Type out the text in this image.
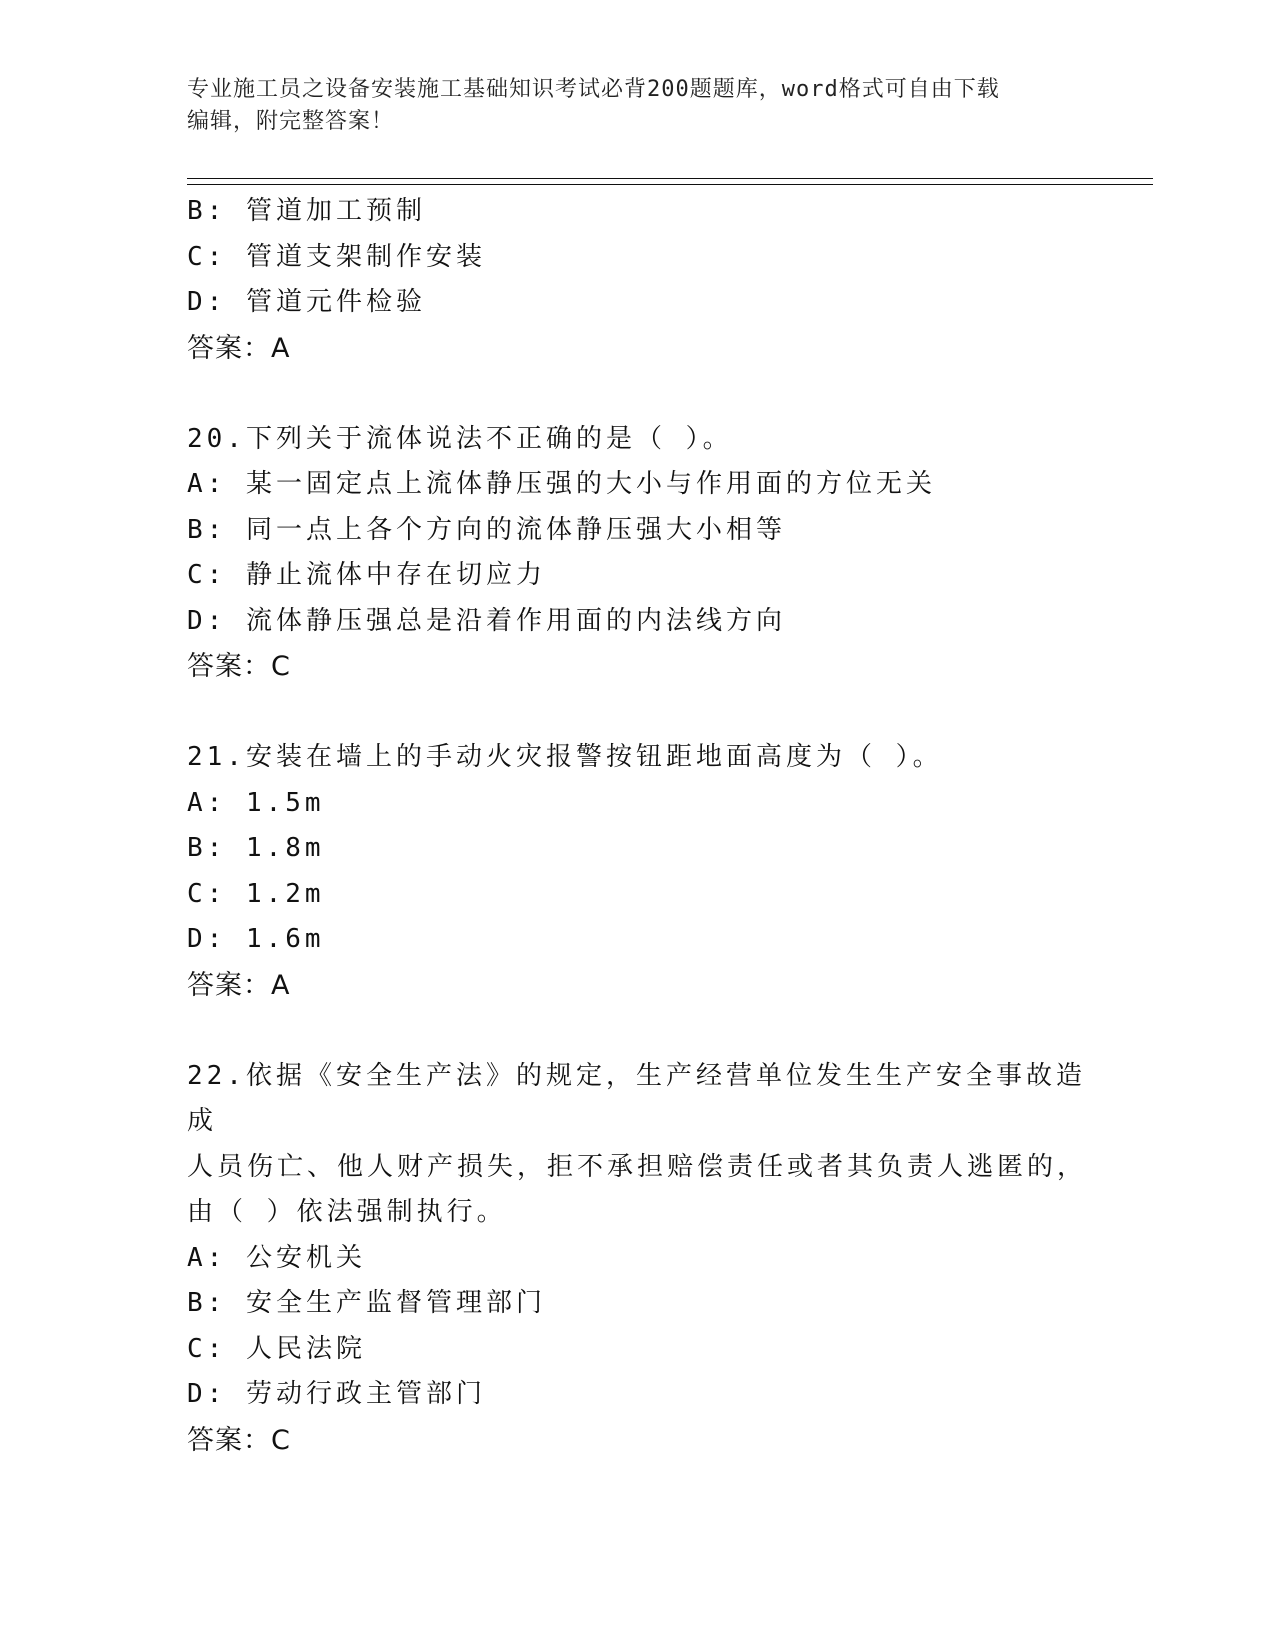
专业施工员之设备安装施工基础知识考试必背200题题库，word格式可自由下载
编辑，附完整答案！
B: 管道加工预制
C: 管道支架制作安装
D: 管道元件检验
答案：A
20.下列关于流体说法不正确的是（ ）。
A: 某一固定点上流体静压强的大小与作用面的方位无关
B: 同一点上各个方向的流体静压强大小相等
C: 静止流体中存在切应力
D: 流体静压强总是沿着作用面的内法线方向
答案：C
21.安装在墙上的手动火灾报警按钮距地面高度为（ ）。
A: 1.5m
B: 1.8m
C: 1.2m
D: 1.6m
答案：A
22.依据《安全生产法》的规定，生产经营单位发生生产安全事故造成
人员伤亡、他人财产损失，拒不承担赔偿责任或者其负责人逃匿的，
由（ ）依法强制执行。
A: 公安机关
B: 安全生产监督管理部门
C: 人民法院
D: 劳动行政主管部门
答案：C
